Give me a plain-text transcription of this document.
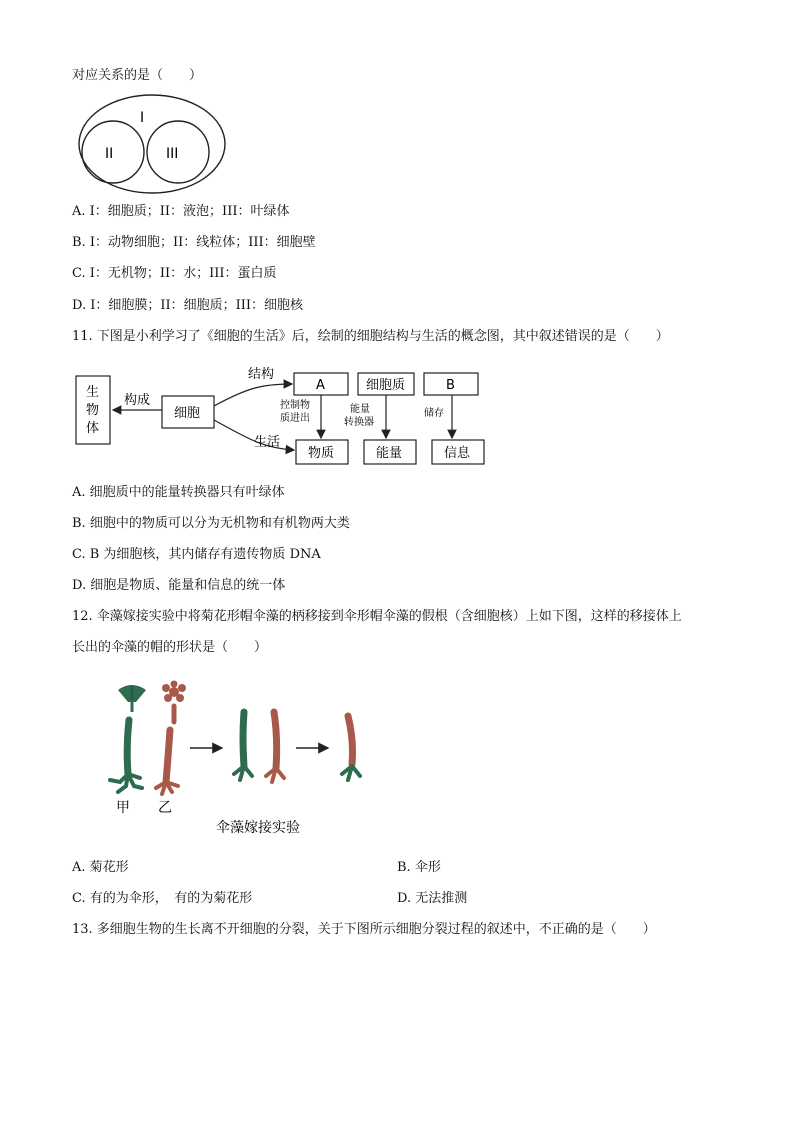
对应关系的是（　　）
I
II	III
A. I：细胞质；II：液泡；III：叶绿体
B. I：动物细胞；II：线粒体；III：细胞壁
C. I：无机物；II：水；III：蛋白质
D. I：细胞膜；II：细胞质；III：细胞核
11. 下图是小利学习了《细胞的生活》后，绘制的细胞结构与生活的概念图，其中叙述错误的是（　　）
生
物
体
构成
细胞
结构
生活
A	细胞质	B
控制物
质进出
能量
转换器
储存
物质	能量	信息
A. 细胞质中的能量转换器只有叶绿体
B. 细胞中的物质可以分为无机物和有机物两大类
C. B 为细胞核，其内储存有遗传物质 DNA
D. 细胞是物质、能量和信息的统一体
12. 伞藻嫁接实验中将菊花形帽伞藻的柄移接到伞形帽伞藻的假根（含细胞核）上如下图，这样的移接体上
长出的伞藻的帽的形状是（　　）
甲 乙
伞藻嫁接实验
A. 菊花形	B. 伞形
C. 有的为伞形，　有的为菊花形	D. 无法推测
13. 多细胞生物的生长离不开细胞的分裂，关于下图所示细胞分裂过程的叙述中，不正确的是（　　）
